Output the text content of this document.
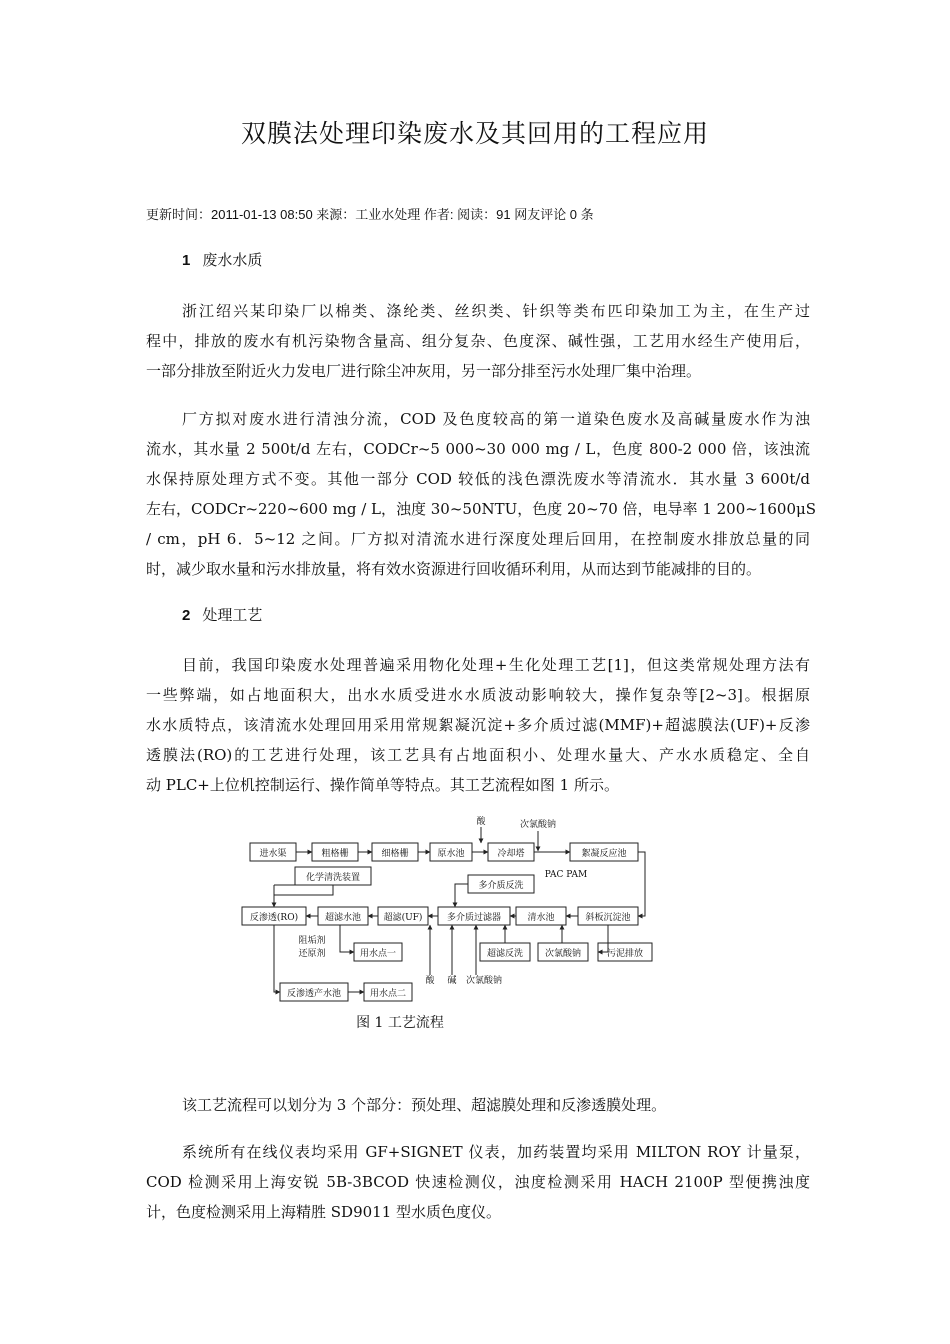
双膜法处理印染废水及其回用的工程应用
更新时间：2011-01-13 08:50 来源：工业水处理 作者: 阅读：91 网友评论 0 条
1 废水水质
浙江绍兴某印染厂以棉类、涤纶类、丝织类、针织等类布匹印染加工为主，在生产过
程中，排放的废水有机污染物含量高、组分复杂、色度深、碱性强，工艺用水经生产使用后，
一部分排放至附近火力发电厂进行除尘冲灰用，另一部分排至污水处理厂集中治理。
厂方拟对废水进行清浊分流，COD 及色度较高的第一道染色废水及高碱量废水作为浊
流水，其水量 2 500t/d 左右，CODCr~5 000~30 000 mg / L，色度 800-2 000 倍，该浊流
水保持原处理方式不变。其他一部分 COD 较低的浅色漂洗废水等清流水．其水量 3 600t/d
左右，CODCr~220~600 mg / L，浊度 30~50NTU，色度 20~70 倍，电导率 1 200~1600μS
/ cm，pH 6．5~12 之间。厂方拟对清流水进行深度处理后回用，在控制废水排放总量的同
时，减少取水量和污水排放量，将有效水资源进行回收循环利用，从而达到节能减排的目的。
2 处理工艺
目前，我国印染废水处理普遍采用物化处理+生化处理工艺[1]，但这类常规处理方法有
一些弊端，如占地面积大，出水水质受进水水质波动影响较大，操作复杂等[2~3]。根据原
水水质特点，该清流水处理回用采用常规絮凝沉淀+多介质过滤(MMF)+超滤膜法(UF)+反渗
透膜法(RO)的工艺进行处理，该工艺具有占地面积小、处理水量大、产水水质稳定、全自
动 PLC+上位机控制运行、操作简单等特点。其工艺流程如图 1 所示。
进水渠	粗格栅	细格栅	原水池	冷却塔	絮凝反应池
化学清洗装置
多介质反洗
反渗透(RO)	超滤水池	超滤(UF)	多介质过滤器	清水池	斜板沉淀池
用水点一	超滤反洗 次氯酸钠	污泥排放
反渗透产水池	用水点二
酸	次氯酸钠
PAC PAM
阻垢剂
还原剂
酸 碱 次氯酸钠
图 1 工艺流程
该工艺流程可以划分为 3 个部分：预处理、超滤膜处理和反渗透膜处理。
系统所有在线仪表均采用 GF+SIGNET 仪表，加药装置均采用 MILTON ROY 计量泵，
COD 检测采用上海安锐 5B-3BCOD 快速检测仪，浊度检测采用 HACH 2100P 型便携浊度
计，色度检测采用上海精胜 SD9011 型水质色度仪。
